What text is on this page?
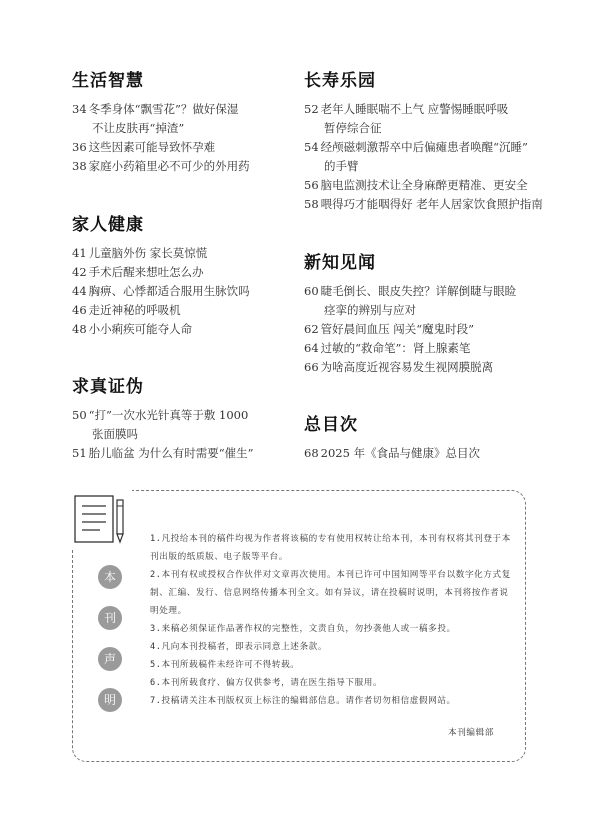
生活智慧
34 冬季身体“飘雪花”？做好保湿
不让皮肤再“掉渣”
36 这些因素可能导致怀孕难
38 家庭小药箱里必不可少的外用药
家人健康
41 儿童脑外伤 家长莫惊慌
42 手术后醒来想吐怎么办
44 胸痹、心悸都适合服用生脉饮吗
46 走近神秘的呼吸机
48 小小痢疾可能夺人命
求真证伪
50 “打”一次水光针真等于敷 1000
张面膜吗
51 胎儿临盆 为什么有时需要“催生”
长寿乐园
52 老年人睡眠喘不上气 应警惕睡眠呼吸
暂停综合征
54 经颅磁刺激帮卒中后偏瘫患者唤醒“沉睡”
的手臂
56 脑电监测技术让全身麻醉更精准、更安全
58 喂得巧才能咽得好 老年人居家饮食照护指南
新知见闻
60 睫毛倒长、眼皮失控？详解倒睫与眼睑
痉挛的辨别与应对
62 管好晨间血压 闯关“魔鬼时段”
64 过敏的“救命笔”：肾上腺素笔
66 为啥高度近视容易发生视网膜脱离
总目次
68 2025 年《食品与健康》总目次
本
刊
声
明
1.凡投给本刊的稿件均视为作者将该稿的专有使用权转让给本刊，本刊有权将其刊登于本刊出版的纸质版、电子版等平台。
2.本刊有权或授权合作伙伴对文章再次使用。本刊已许可中国知网等平台以数字化方式复制、汇编、发行、信息网络传播本刊全文。如有异议，请在投稿时说明，本刊将按作者说明处理。
3.来稿必须保证作品著作权的完整性，文责自负，勿抄袭他人或一稿多投。
4.凡向本刊投稿者，即表示同意上述条款。
5.本刊所载稿件未经许可不得转载。
6.本刊所载食疗、偏方仅供参考，请在医生指导下服用。
7.投稿请关注本刊版权页上标注的编辑部信息。请作者切勿相信虚假网站。
本刊编辑部
